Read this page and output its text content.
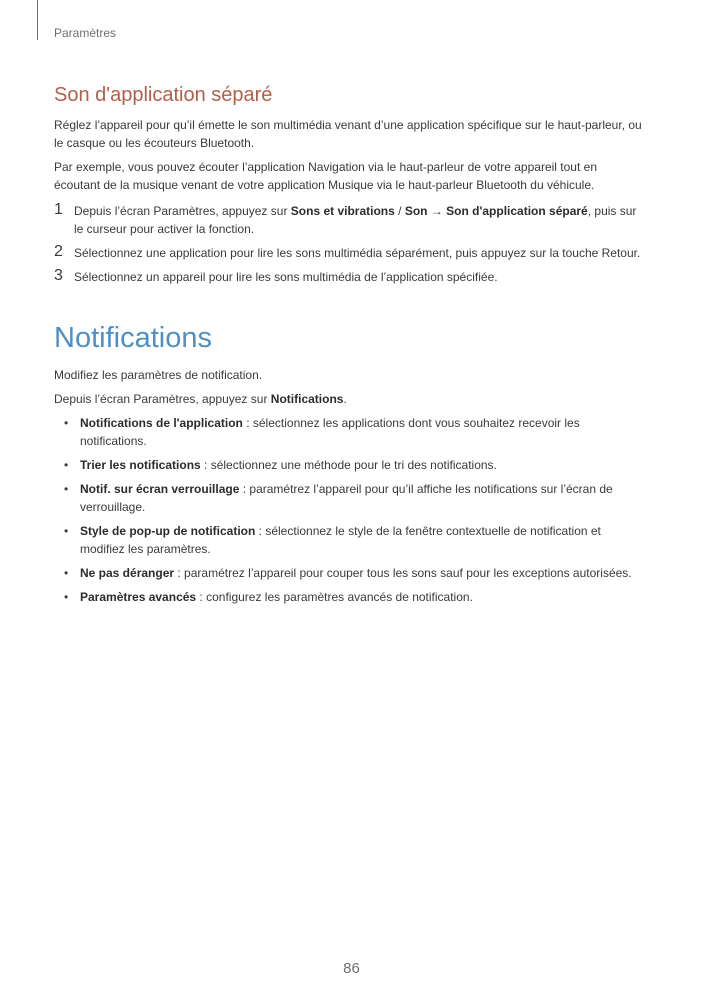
Paramètres
Son d'application séparé

Réglez l’appareil pour qu’il émette le son multimédia venant d’une application spécifique sur le haut-parleur, ou le casque ou les écouteurs Bluetooth.

Par exemple, vous pouvez écouter l’application Navigation via le haut-parleur de votre appareil tout en écoutant de la musique venant de votre application Musique via le haut-parleur Bluetooth du véhicule.

1 Depuis l’écran Paramètres, appuyez sur Sons et vibrations / Son → Son d'application séparé, puis sur le curseur pour activer la fonction.
2 Sélectionnez une application pour lire les sons multimédia séparément, puis appuyez sur la touche Retour.
3 Sélectionnez un appareil pour lire les sons multimédia de l’application spécifiée.
Notifications

Modifiez les paramètres de notification.

Depuis l’écran Paramètres, appuyez sur Notifications.

• Notifications de l'application : sélectionnez les applications dont vous souhaitez recevoir les notifications.
• Trier les notifications : sélectionnez une méthode pour le tri des notifications.
• Notif. sur écran verrouillage : paramétrez l’appareil pour qu’il affiche les notifications sur l’écran de verrouillage.
• Style de pop-up de notification : sélectionnez le style de la fenêtre contextuelle de notification et modifiez les paramètres.
• Ne pas déranger : paramétrez l’appareil pour couper tous les sons sauf pour les exceptions autorisées.
• Paramètres avancés : configurez les paramètres avancés de notification.
86
